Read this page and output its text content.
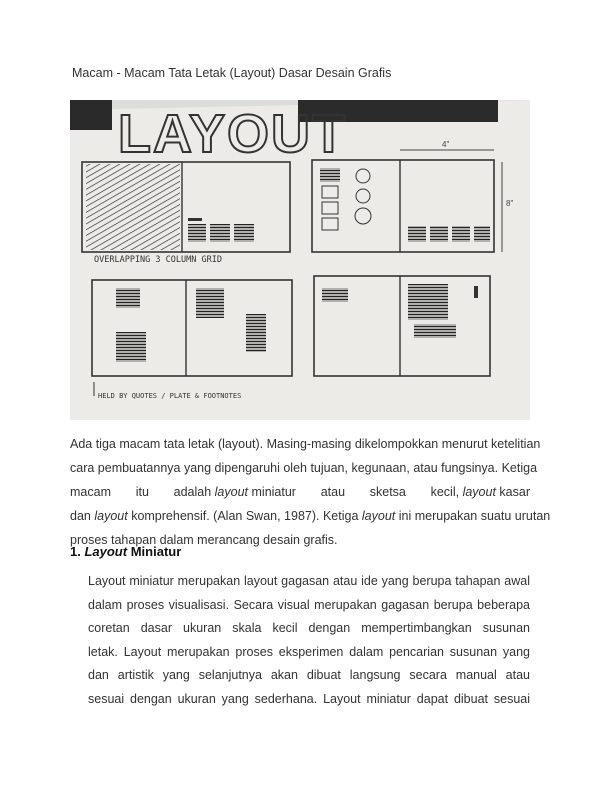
Macam - Macam Tata Letak (Layout) Dasar Desain Grafis
LAYOUT
OVERLAPPING 3 COLUMN GRID
4"
8"
HELD BY QUOTES / PLATE & FOOTNOTES
Ada tiga macam tata letak (layout). Masing-masing dikelompokkan menurut ketelitian
cara pembuatannya yang dipengaruhi oleh tujuan, kegunaan, atau fungsinya. Ketiga
macam itu adalah layout miniatur atau sketsa kecil, layout kasar
dan layout komprehensif. (Alan Swan, 1987). Ketiga layout ini merupakan suatu urutan
proses tahapan dalam merancang desain grafis.
1. Layout Miniatur
Layout miniatur merupakan layout gagasan atau ide yang berupa tahapan awal
dalam proses visualisasi. Secara visual merupakan gagasan berupa beberapa
coretan dasar ukuran skala kecil dengan mempertimbangkan susunan
letak. Layout merupakan proses eksperimen dalam pencarian susunan yang
dan artistik yang selanjutnya akan dibuat langsung secara manual atau
sesuai dengan ukuran yang sederhana. Layout miniatur dapat dibuat sesuai
